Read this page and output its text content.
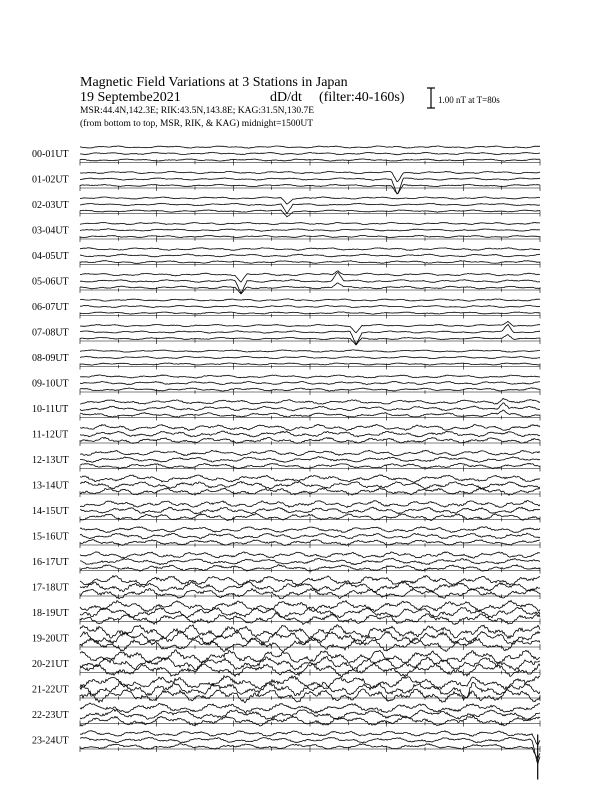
Magnetic Field Variations at 3 Stations in Japan
19 Septembe2021	dD/dt (filter:40-160s)
MSR:44.4N,142.3E; RIK:43.5N,143.8E; KAG:31.5N,130.7E
(from bottom to top, MSR, RIK, & KAG) midnight=1500UT
1.00 nT at T=80s
00-01UT
01-02UT
02-03UT
03-04UT
04-05UT
05-06UT
06-07UT
07-08UT
08-09UT
09-10UT
10-11UT
11-12UT
12-13UT
13-14UT
14-15UT
15-16UT
16-17UT
17-18UT
18-19UT
19-20UT
20-21UT
21-22UT
22-23UT
23-24UT
